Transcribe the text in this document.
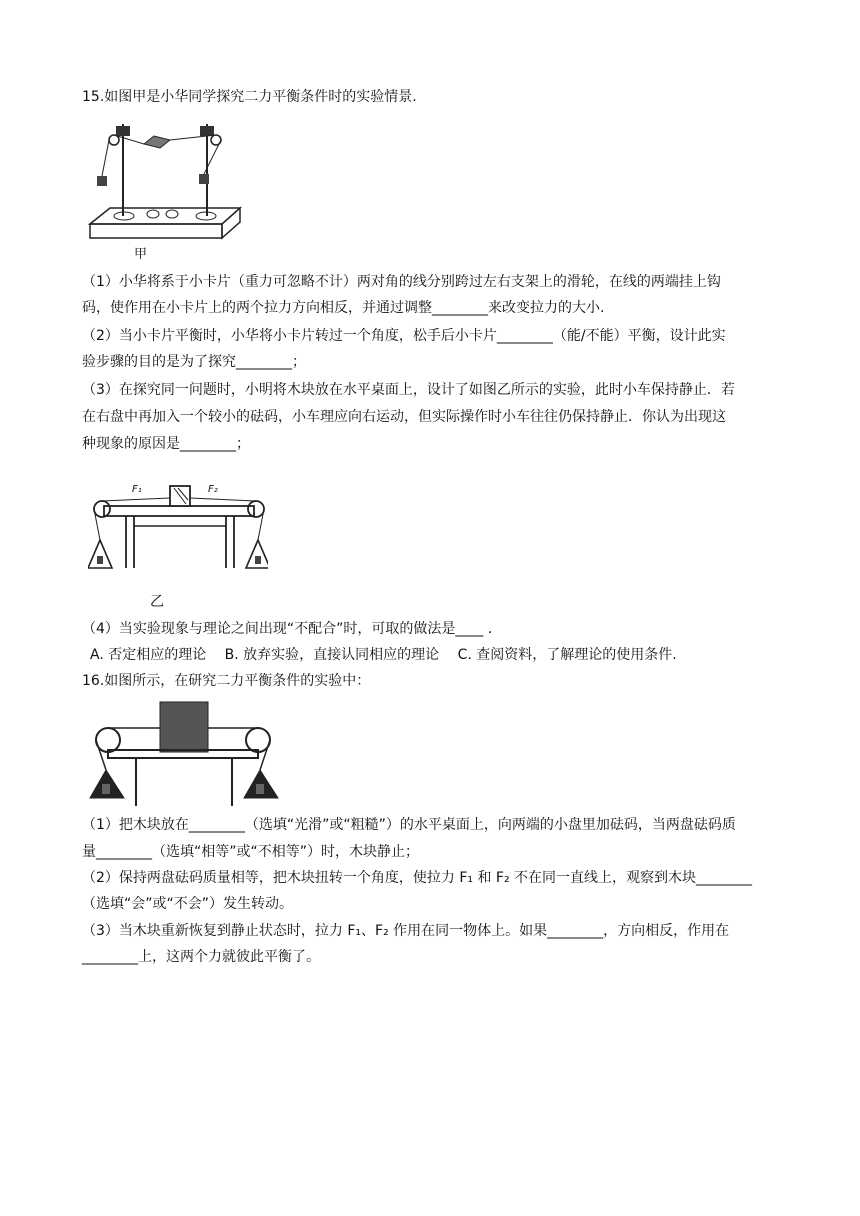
15.如图甲是小华同学探究二力平衡条件时的实验情景.
甲
（1）小华将系于小卡片（重力可忽略不计）两对角的线分别跨过左右支架上的滑轮，在线的两端挂上钩
码，使作用在小卡片上的两个拉力方向相反，并通过调整________来改变拉力的大小.
（2）当小卡片平衡时，小华将小卡片转过一个角度，松手后小卡片________（能/不能）平衡，设计此实
验步骤的目的是为了探究________；
（3）在探究同一问题时，小明将木块放在水平桌面上，设计了如图乙所示的实验，此时小车保持静止．若
在右盘中再加入一个较小的砝码，小车理应向右运动，但实际操作时小车往往仍保持静止．你认为出现这
种现象的原因是________；
F₁	F₂
乙
（4）当实验现象与理论之间出现“不配合”时，可取的做法是____ ．
A. 否定相应的理论　 B. 放弃实验，直接认同相应的理论　 C. 查阅资料，了解理论的使用条件.
16.如图所示，在研究二力平衡条件的实验中：
（1）把木块放在________（选填“光滑”或“粗糙”）的水平桌面上，向两端的小盘里加砝码，当两盘砝码质
量________（选填“相等”或“不相等”）时，木块静止；
（2）保持两盘砝码质量相等，把木块扭转一个角度，使拉力 F₁ 和 F₂ 不在同一直线上，观察到木块________
（选填“会”或“不会”）发生转动。
（3）当木块重新恢复到静止状态时，拉力 F₁、F₂ 作用在同一物体上。如果________，方向相反，作用在
________上，这两个力就彼此平衡了。
